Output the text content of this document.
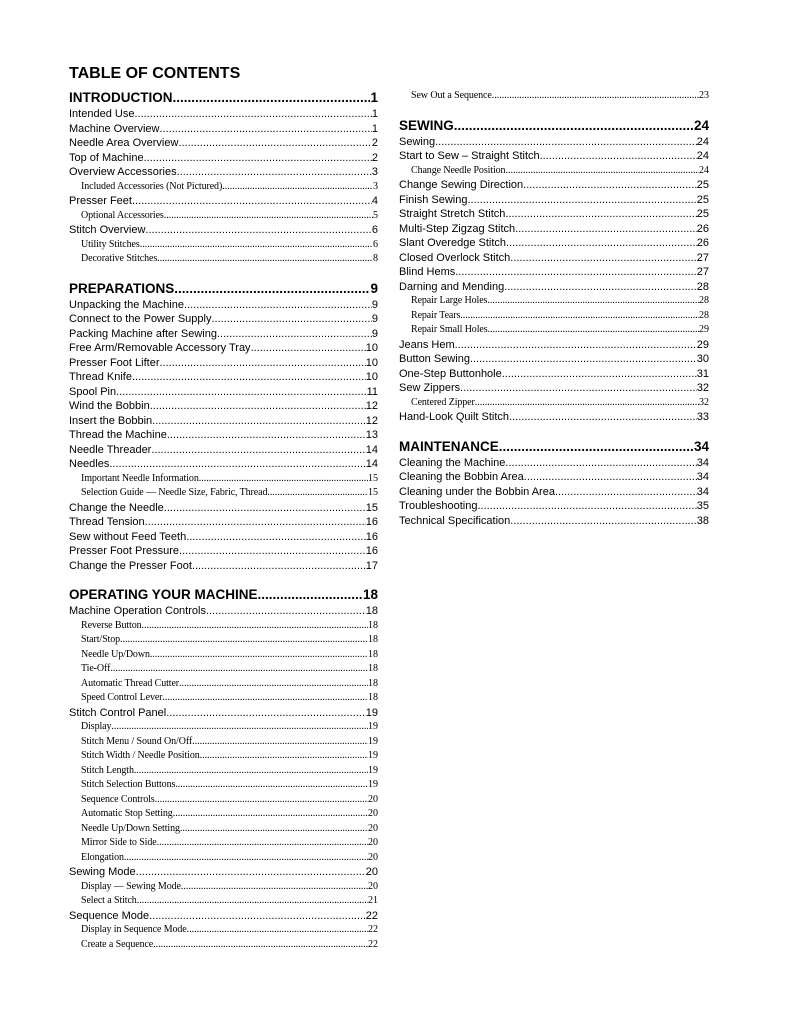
TABLE OF CONTENTS
INTRODUCTION .....	1
Intended Use .....	1
Machine Overview .....	1
Needle Area Overview .....	2
Top of Machine .....	2
Overview Accessories .....	3
Included Accessories (Not Pictured) .....	3
Presser Feet .....	4
Optional Accessories .....	5
Stitch Overview .....	6
Utility Stitches .....	6
Decorative Stitches .....	8
PREPARATIONS .....	9
Unpacking the Machine .....	9
Connect to the Power Supply .....	9
Packing Machine after Sewing .....	9
Free Arm/Removable Accessory Tray .....	10
Presser Foot Lifter .....	10
Thread Knife .....	10
Spool Pin .....	11
Wind the Bobbin .....	12
Insert the Bobbin .....	12
Thread the Machine .....	13
Needle Threader .....	14
Needles .....	14
Important Needle Information .....	15
Selection Guide — Needle Size, Fabric, Thread .....	15
Change the Needle .....	15
Thread Tension .....	16
Sew without Feed Teeth .....	16
Presser Foot Pressure .....	16
Change the Presser Foot .....	17
OPERATING YOUR MACHINE .....	18
Machine Operation Controls .....	18
Reverse Button .....	18
Start/Stop .....	18
Needle Up/Down .....	18
Tie-Off .....	18
Automatic Thread Cutter .....	18
Speed Control Lever .....	18
Stitch Control Panel .....	19
Display .....	19
Stitch Menu / Sound On/Off .....	19
Stitch Width / Needle Position .....	19
Stitch Length .....	19
Stitch Selection Buttons .....	19
Sequence Controls .....	20
Automatic Stop Setting .....	20
Needle Up/Down Setting .....	20
Mirror Side to Side .....	20
Elongation .....	20
Sewing Mode .....	20
Display — Sewing Mode .....	20
Select a Stitch .....	21
Sequence Mode .....	22
Display in Sequence Mode .....	22
Create a Sequence .....	22
Sew Out a Sequence .....	23
SEWING .....	24
Sewing .....	24
Start to Sew – Straight Stitch .....	24
Change Needle Position .....	24
Change Sewing Direction .....	25
Finish Sewing .....	25
Straight Stretch Stitch .....	25
Multi-Step Zigzag Stitch .....	26
Slant Overedge Stitch .....	26
Closed Overlock Stitch .....	27
Blind Hems .....	27
Darning and Mending .....	28
Repair Large Holes .....	28
Repair Tears .....	28
Repair Small Holes .....	29
Jeans Hem .....	29
Button Sewing .....	30
One-Step Buttonhole .....	31
Sew Zippers .....	32
Centered Zipper .....	32
Hand-Look Quilt Stitch .....	33
MAINTENANCE .....	34
Cleaning the Machine .....	34
Cleaning the Bobbin Area .....	34
Cleaning under the Bobbin Area .....	34
Troubleshooting .....	35
Technical Specification .....	38
